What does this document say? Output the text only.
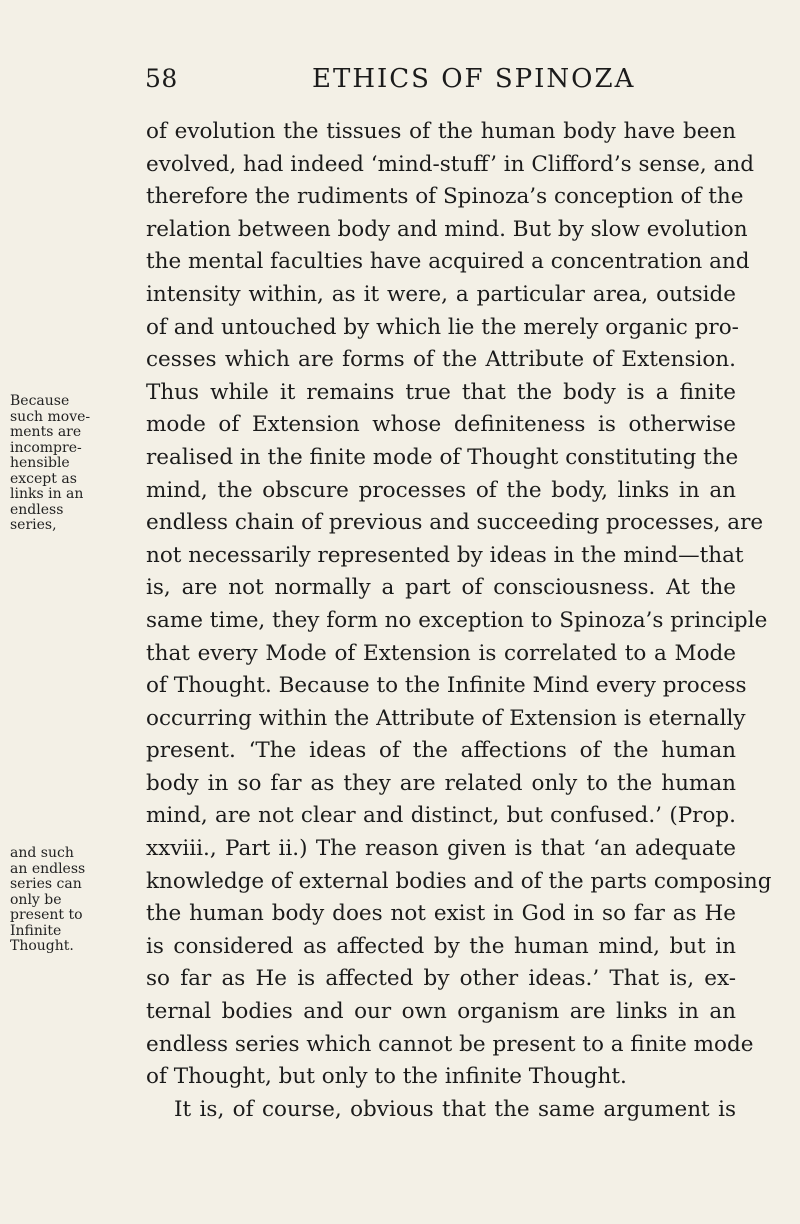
58	ETHICS OF SPINOZA
of evolution the tissues of the human body have been
evolved, had indeed ‘mind-stuff’ in Clifford’s sense, and
therefore the rudiments of Spinoza’s conception of the
relation between body and mind. But by slow evolution
the mental faculties have acquired a concentration and
intensity within, as it were, a particular area, outside
of and untouched by which lie the merely organic pro-
cesses which are forms of the Attribute of Extension.
Thus while it remains true that the body is a finite
mode of Extension whose definiteness is otherwise
realised in the finite mode of Thought constituting the
mind, the obscure processes of the body, links in an
endless chain of previous and succeeding processes, are
not necessarily represented by ideas in the mind—that
is, are not normally a part of consciousness. At the
same time, they form no exception to Spinoza’s principle
that every Mode of Extension is correlated to a Mode
of Thought. Because to the Infinite Mind every process
occurring within the Attribute of Extension is eternally
present. ‘The ideas of the affections of the human
body in so far as they are related only to the human
mind, are not clear and distinct, but confused.’ (Prop.
xxviii., Part ii.) The reason given is that ‘an adequate
knowledge of external bodies and of the parts composing
the human body does not exist in God in so far as He
is considered as affected by the human mind, but in
so far as He is affected by other ideas.’ That is, ex-
ternal bodies and our own organism are links in an
endless series which cannot be present to a finite mode
of Thought, but only to the infinite Thought.
It is, of course, obvious that the same argument is
Because
such move-
ments are
incompre-
hensible
except as
links in an
endless
series,
and such
an endless
series can
only be
present to
Infinite
Thought.
